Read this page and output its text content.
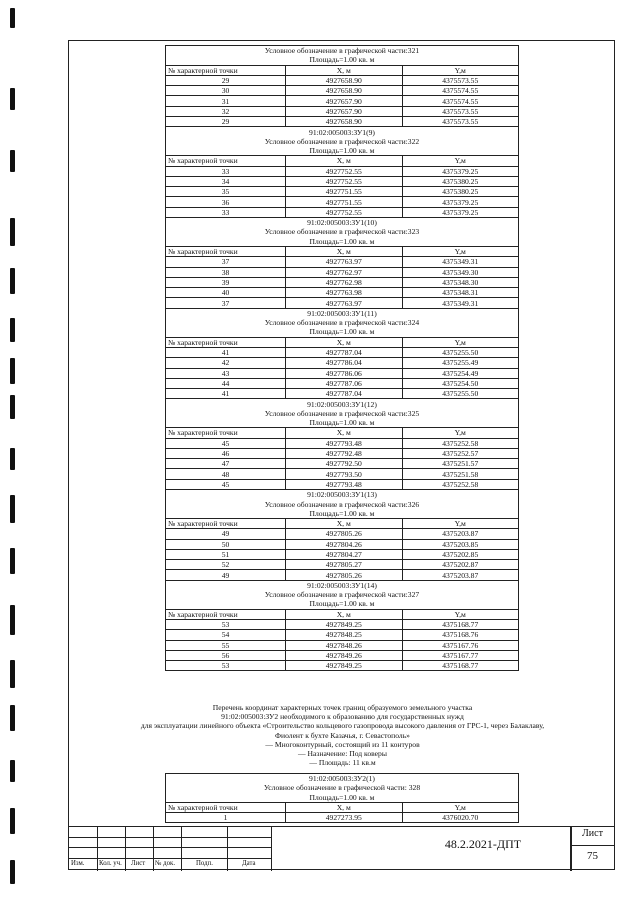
Условное обозначение в графической части:321		
Площадь=1.00 кв. м		
№ характерной точки	X, м	Y,м
29	4927658.90	4375573.55
30	4927658.90	4375574.55
31	4927657.90	4375574.55
32	4927657.90	4375573.55
29	4927658.90	4375573.55
91:02:005003:ЗУ1(9)		
Условное обозначение в графической части:322		
Площадь=1.00 кв. м		
№ характерной точки	X, м	Y,м
33	4927752.55	4375379.25
34	4927752.55	4375380.25
35	4927751.55	4375380.25
36	4927751.55	4375379.25
33	4927752.55	4375379.25
91:02:005003:ЗУ1(10)		
Условное обозначение в графической части:323		
Площадь=1.00 кв. м		
№ характерной точки	X, м	Y,м
37	4927763.97	4375349.31
38	4927762.97	4375349.30
39	4927762.98	4375348.30
40	4927763.98	4375348.31
37	4927763.97	4375349.31
91:02:005003:ЗУ1(11)		
Условное обозначение в графической части:324		
Площадь=1.00 кв. м		
№ характерной точки	X, м	Y,м
41	4927787.04	4375255.50
42	4927786.04	4375255.49
43	4927786.06	4375254.49
44	4927787.06	4375254.50
41	4927787.04	4375255.50
91:02:005003:ЗУ1(12)		
Условное обозначение в графической части:325		
Площадь=1.00 кв. м		
№ характерной точки	X, м	Y,м
45	4927793.48	4375252.58
46	4927792.48	4375252.57
47	4927792.50	4375251.57
48	4927793.50	4375251.58
45	4927793.48	4375252.58
91:02:005003:ЗУ1(13)		
Условное обозначение в графической части:326		
Площадь=1.00 кв. м		
№ характерной точки	X, м	Y,м
49	4927805.26	4375203.87
50	4927804.26	4375203.85
51	4927804.27	4375202.85
52	4927805.27	4375202.87
49	4927805.26	4375203.87
91:02:005003:ЗУ1(14)		
Условное обозначение в графической части:327		
Площадь=1.00 кв. м		
№ характерной точки	X, м	Y,м
53	4927849.25	4375168.77
54	4927848.25	4375168.76
55	4927848.26	4375167.76
56	4927849.26	4375167.77
53	4927849.25	4375168.77
Перечень координат характерных точек границ образуемого земельного участка
91:02:005003:ЗУ2 необходимого к образованию для государственных нужд
для эксплуатации линейного объекта «Строительство кольцевого газопровода высокого давления от ГРС-1, через Балаклаву,
Фиолент к бухте Казачья, г. Севастополь»
— Многоконтурный, состоящий из 11 контуров
— Назначение: Под коверы
— Площадь: 11 кв.м
91:02:005003:ЗУ2(1)		
Условное обозначение в графической части: 328		
Площадь=1.00 кв. м		
№ характерной точки	X, м	Y,м
1	4927273.95	4376020.70
Изм. Кол. уч. Лист № док.	Подп.	Дата
48.2.2021-ДПТ
Лист
75
